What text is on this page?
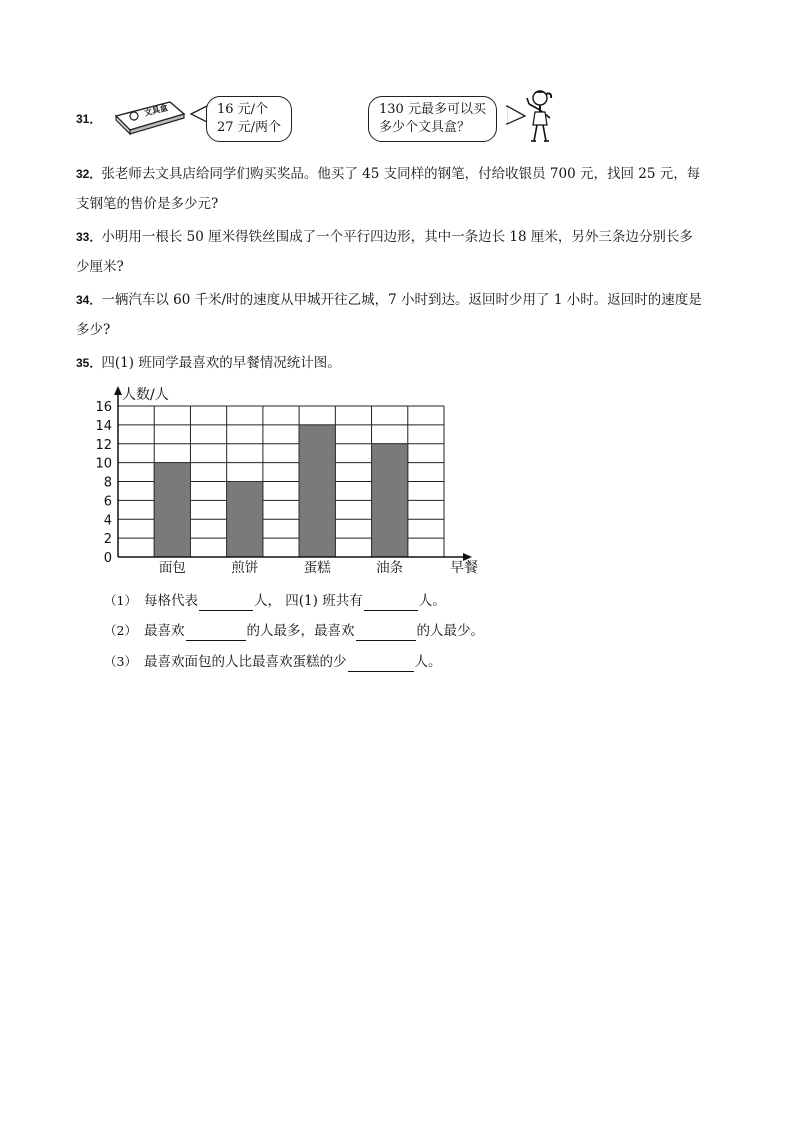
31．
文具盒	16 元/个
27 元/两个
130 元最多可以买
多少个文具盒？
32．张老师去文具店给同学们购买奖品。他买了 45 支同样的钢笔，付给收银员 700 元，找回 25 元，每
支钢笔的售价是多少元?
33．小明用一根长 50 厘米得铁丝围成了一个平行四边形，其中一条边长 18 厘米，另外三条边分别长多
少厘米?
34．一辆汽车以 60 千米/时的速度从甲城开往乙城，7 小时到达。返回时少用了 1 小时。返回时的速度是
多少?
35．四(1) 班同学最喜欢的早餐情况统计图。
面包	煎饼	蛋糕	油条
0
2
4
6
8
10
12
14
16
人数/人
早餐
（1） 每格代表	人， 四(1) 班共有	人。
（2） 最喜欢	的人最多，最喜欢	的人最少。
（3） 最喜欢面包的人比最喜欢蛋糕的少	人。
